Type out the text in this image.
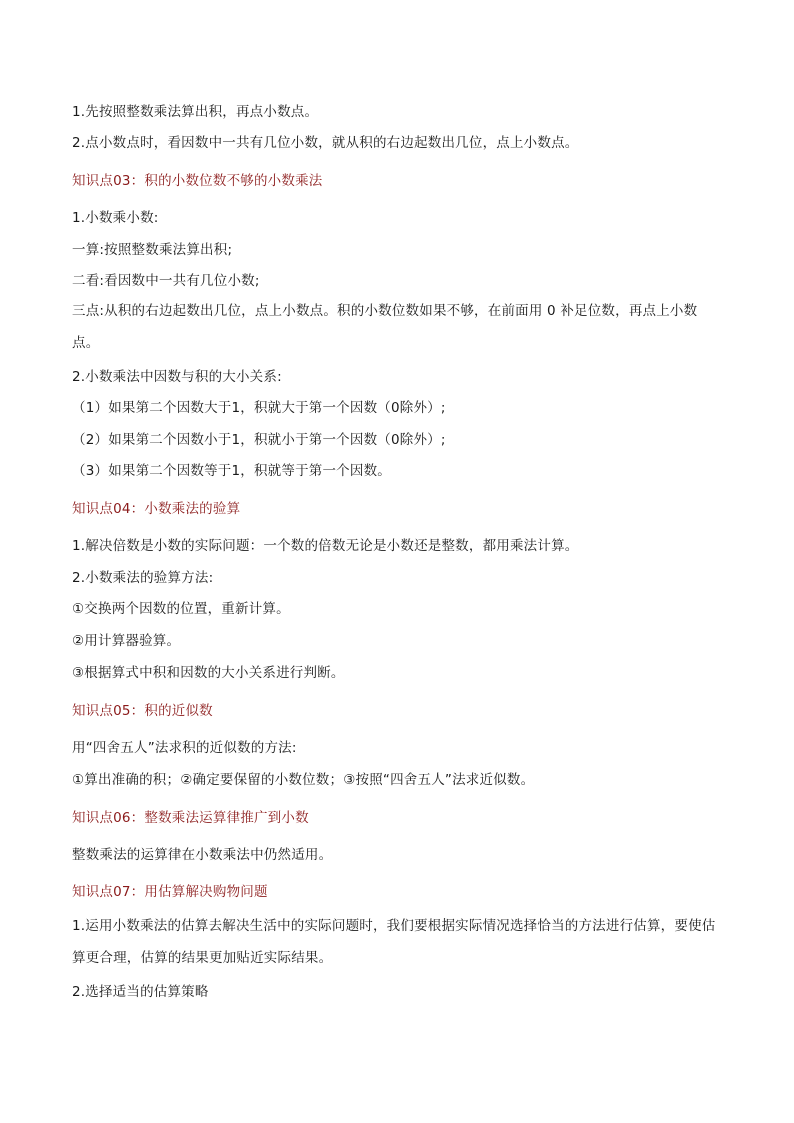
1.先按照整数乘法算出积，再点小数点。
2.点小数点时，看因数中一共有几位小数，就从积的右边起数出几位，点上小数点。
知识点03：积的小数位数不够的小数乘法
1.小数乘小数:
一算:按照整数乘法算出积;
二看:看因数中一共有几位小数;
三点:从积的右边起数出几位，点上小数点。积的小数位数如果不够，在前面用 0 补足位数，再点上小数点。
2.小数乘法中因数与积的大小关系:
（1）如果第二个因数大于1，积就大于第一个因数（0除外）;
（2）如果第二个因数小于1，积就小于第一个因数（0除外）;
（3）如果第二个因数等于1，积就等于第一个因数。
知识点04：小数乘法的验算
1.解决倍数是小数的实际问题：一个数的倍数无论是小数还是整数，都用乘法计算。
2.小数乘法的验算方法:
①交换两个因数的位置，重新计算。
②用计算器验算。
③根据算式中积和因数的大小关系进行判断。
知识点05：积的近似数
用“四舍五人”法求积的近似数的方法:
①算出准确的积；②确定要保留的小数位数；③按照“四舍五人”法求近似数。
知识点06：整数乘法运算律推广到小数
整数乘法的运算律在小数乘法中仍然适用。
知识点07：用估算解决购物问题
1.运用小数乘法的估算去解决生活中的实际问题时，我们要根据实际情况选择恰当的方法进行估算，要使估算更合理，估算的结果更加贴近实际结果。
2.选择适当的估算策略
